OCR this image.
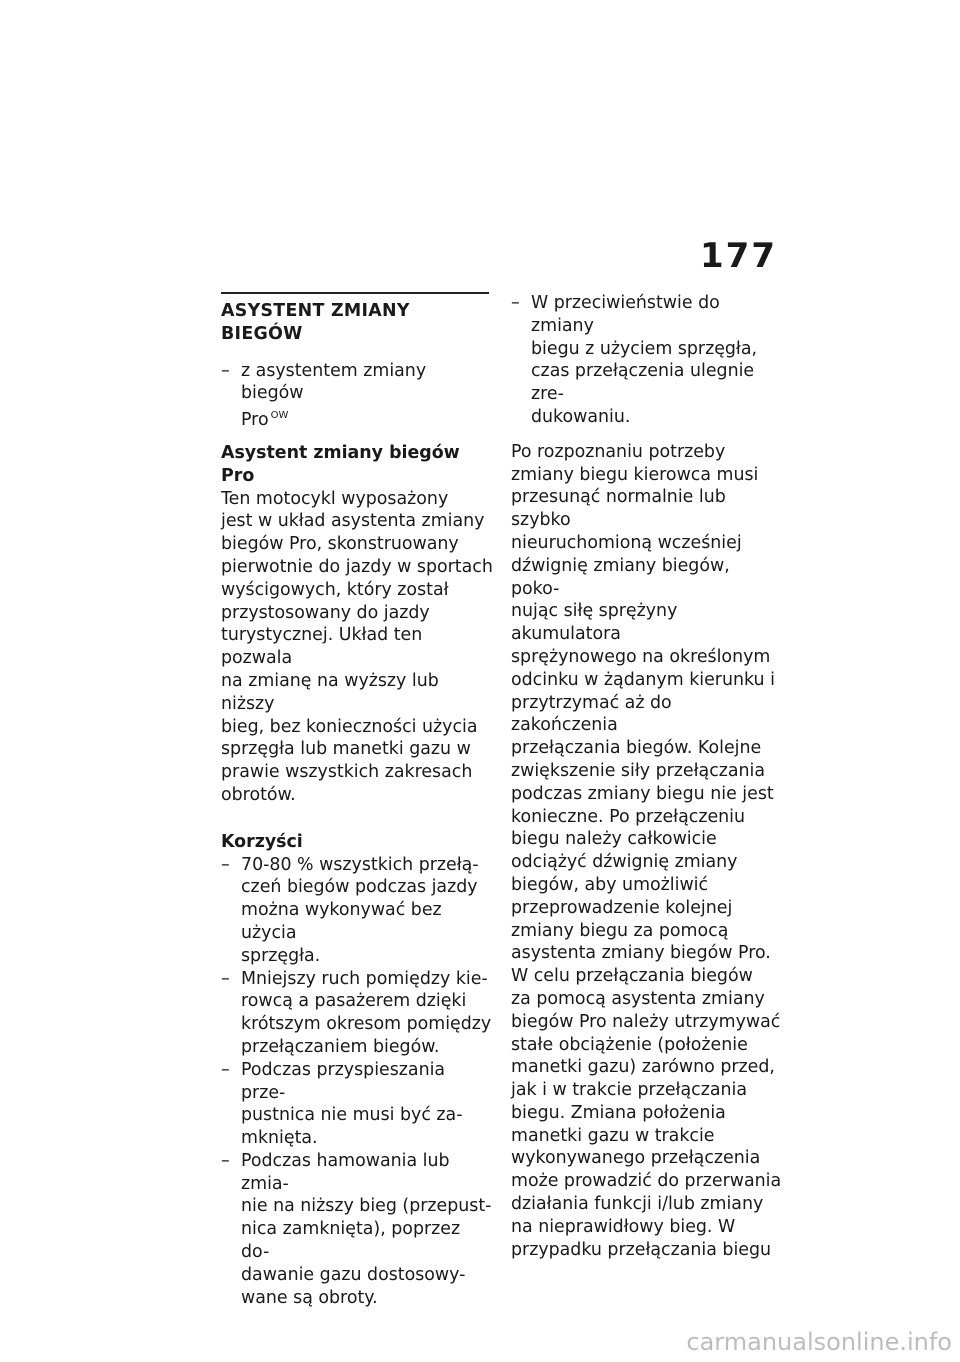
177
ASYSTENT ZMIANY BIEGÓW
– z asystentem zmiany biegów
Pro $^{OW}$
Asystent zmiany biegów Pro
Ten motocykl wyposażony
jest w układ asystenta zmiany
biegów Pro, skonstruowany
pierwotnie do jazdy w sportach
wyścigowych, który został
przystosowany do jazdy
turystycznej. Układ ten pozwala
na zmianę na wyższy lub niższy
bieg, bez konieczności użycia
sprzęgła lub manetki gazu w
prawie wszystkich zakresach
obrotów.
Korzyści
– 70-80 % wszystkich przełą-
czeń biegów podczas jazdy
można wykonywać bez użycia
sprzęgła.
– Mniejszy ruch pomiędzy kie-
rowcą a pasażerem dzięki
krótszym okresom pomiędzy
przełączaniem biegów.
– Podczas przyspieszania prze-
pustnica nie musi być za-
mknięta.
– Podczas hamowania lub zmia-
nie na niższy bieg (przepust-
nica zamknięta), poprzez do-
dawanie gazu dostosowy-
wane są obroty.
– W przeciwieństwie do zmiany
biegu z użyciem sprzęgła,
czas przełączenia ulegnie zre-
dukowaniu.
Po rozpoznaniu potrzeby
zmiany biegu kierowca musi
przesunąć normalnie lub szybko
nieuruchomioną wcześniej
dźwignię zmiany biegów, poko-
nując siłę sprężyny akumulatora
sprężynowego na określonym
odcinku w żądanym kierunku i
przytrzymać aż do zakończenia
przełączania biegów. Kolejne
zwiększenie siły przełączania
podczas zmiany biegu nie jest
konieczne. Po przełączeniu
biegu należy całkowicie
odciążyć dźwignię zmiany
biegów, aby umożliwić
przeprowadzenie kolejnej
zmiany biegu za pomocą
asystenta zmiany biegów Pro.
W celu przełączania biegów
za pomocą asystenta zmiany
biegów Pro należy utrzymywać
stałe obciążenie (położenie
manetki gazu) zarówno przed,
jak i w trakcie przełączania
biegu. Zmiana położenia
manetki gazu w trakcie
wykonywanego przełączenia
może prowadzić do przerwania
działania funkcji i/lub zmiany
na nieprawidłowy bieg. W
przypadku przełączania biegu
carmanualsonline.info
